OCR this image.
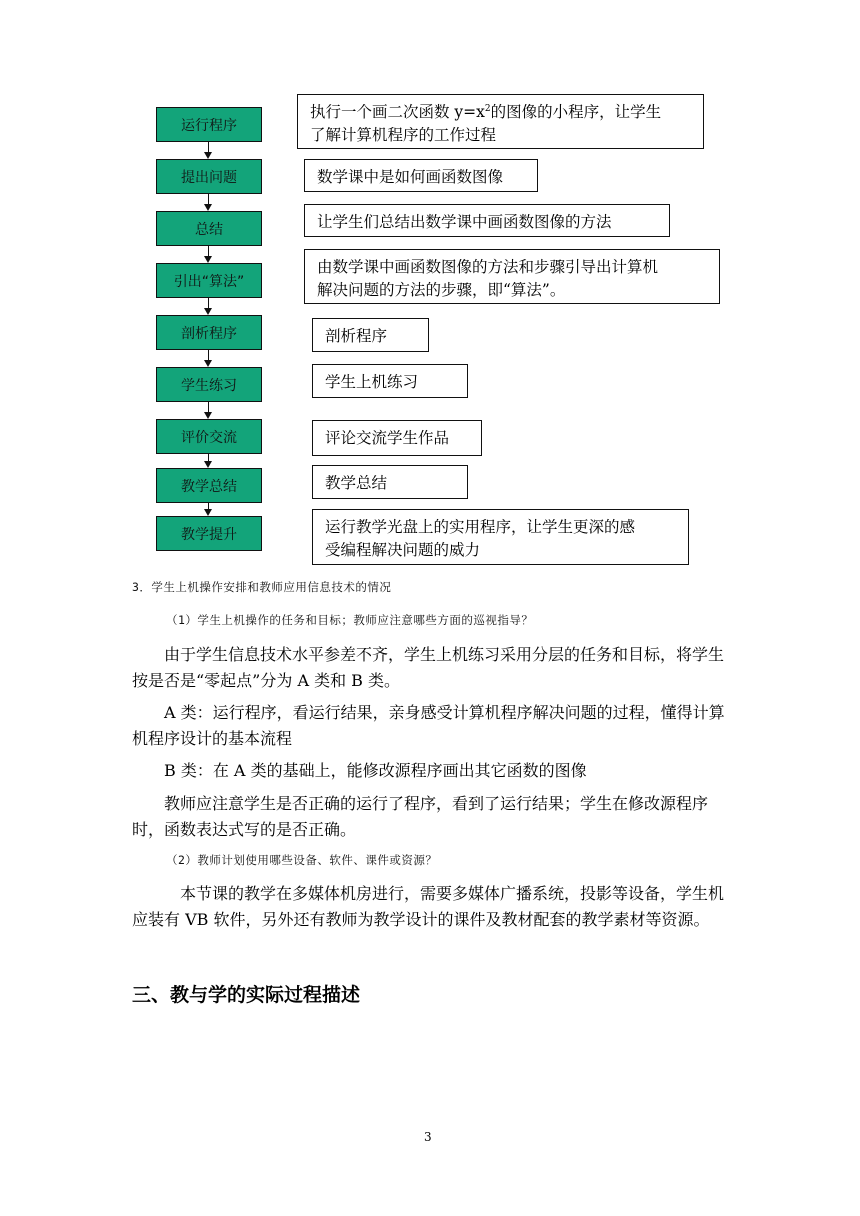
运行程序
提出问题
总结
引出“算法”
剖析程序
学生练习
评价交流
教学总结
教学提升
执行一个画二次函数 $y=x^2$的图像的小程序，让学生
了解计算机程序的工作过程
数学课中是如何画函数图像
让学生们总结出数学课中画函数图像的方法
由数学课中画函数图像的方法和步骤引导出计算机
解决问题的方法的步骤，即“算法”。
剖析程序
学生上机练习
评论交流学生作品
教学总结
运行教学光盘上的实用程序，让学生更深的感
受编程解决问题的威力
3．学生上机操作安排和教师应用信息技术的情况
（1）学生上机操作的任务和目标；教师应注意哪些方面的巡视指导？
由于学生信息技术水平参差不齐，学生上机练习采用分层的任务和目标，将学生按是否是“零起点”分为 A 类和 B 类。
A 类：运行程序，看运行结果，亲身感受计算机程序解决问题的过程，懂得计算机程序设计的基本流程
B 类：在 A 类的基础上，能修改源程序画出其它函数的图像
教师应注意学生是否正确的运行了程序，看到了运行结果；学生在修改源程序时，函数表达式写的是否正确。
（2）教师计划使用哪些设备、软件、课件或资源？
本节课的教学在多媒体机房进行，需要多媒体广播系统，投影等设备，学生机应装有 VB 软件，另外还有教师为教学设计的课件及教材配套的教学素材等资源。
三、教与学的实际过程描述
3
